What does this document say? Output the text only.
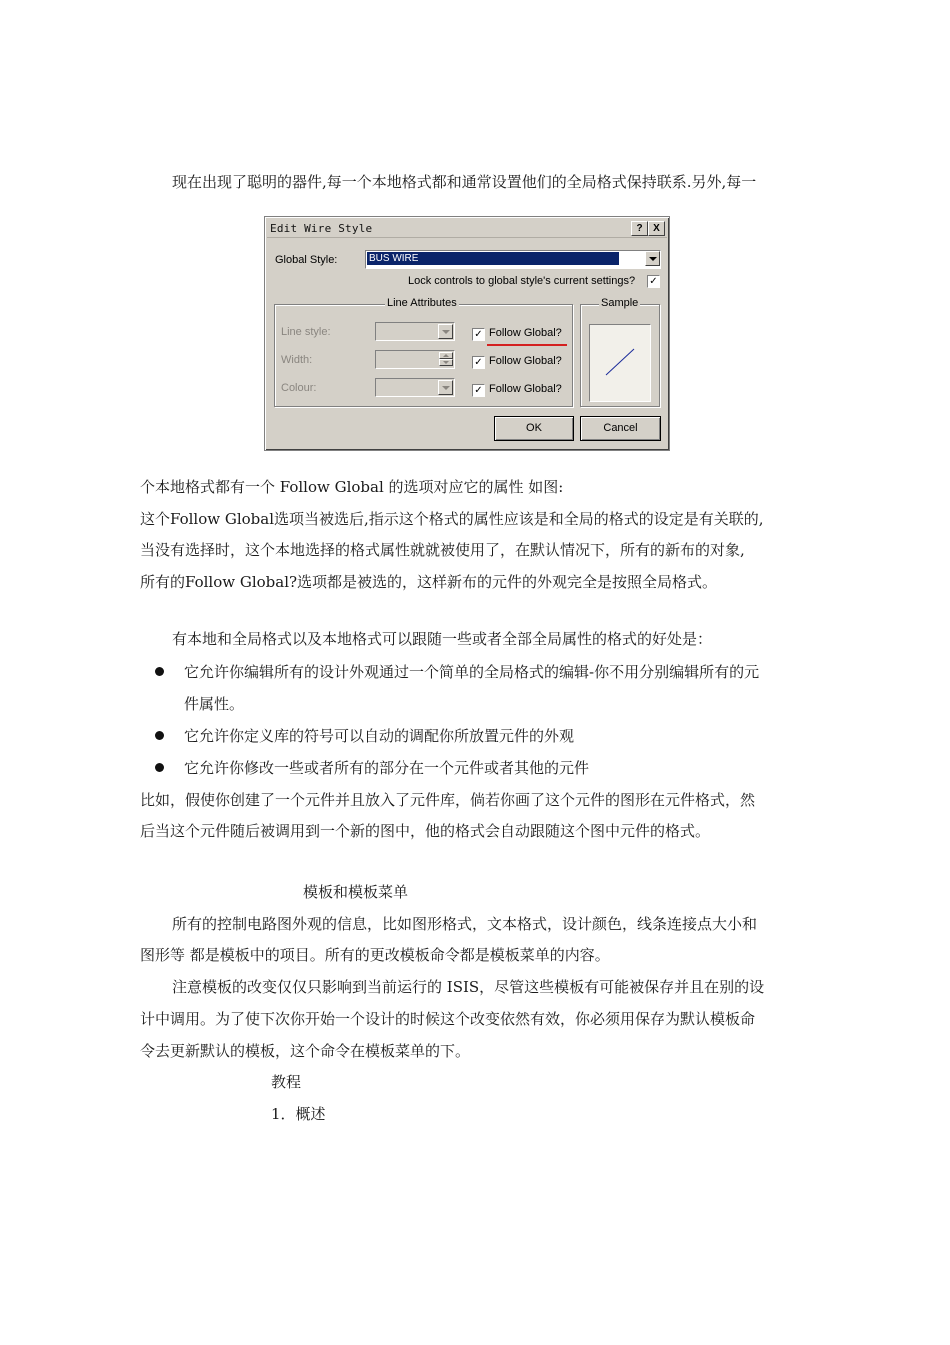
现在出现了聪明的器件,每一个本地格式都和通常设置他们的全局格式保持联系.另外,每一
Edit Wire Style	?	X
Global Style:	BUS WIRE
Lock controls to global style's current settings? ✓
Line Attributes
Line style:	✓ Follow Global?
Width:	✓ Follow Global?
Colour:	✓ Follow Global?
Sample
OK	Cancel
个本地格式都有一个 Follow Global 的选项对应它的属性 如图:
这个Follow Global选项当被选后,指示这个格式的属性应该是和全局的格式的设定是有关联的,
当没有选择时，这个本地选择的格式属性就就被使用了，在默认情况下，所有的新布的对象,
所有的Follow Global?选项都是被选的，这样新布的元件的外观完全是按照全局格式。
有本地和全局格式以及本地格式可以跟随一些或者全部全局属性的格式的好处是：
它允许你编辑所有的设计外观通过一个简单的全局格式的编辑-你不用分别编辑所有的元
件属性。
它允许你定义库的符号可以自动的调配你所放置元件的外观
它允许你修改一些或者所有的部分在一个元件或者其他的元件
比如，假使你创建了一个元件并且放入了元件库，倘若你画了这个元件的图形在元件格式，然
后当这个元件随后被调用到一个新的图中，他的格式会自动跟随这个图中元件的格式。
模板和模板菜单
所有的控制电路图外观的信息，比如图形格式，文本格式，设计颜色，线条连接点大小和
图形等 都是模板中的项目。所有的更改模板命令都是模板菜单的内容。
注意模板的改变仅仅只影响到当前运行的 ISIS，尽管这些模板有可能被保存并且在别的设
计中调用。为了使下次你开始一个设计的时候这个改变依然有效，你必须用保存为默认模板命
令去更新默认的模板，这个命令在模板菜单的下。
教程
1．概述
